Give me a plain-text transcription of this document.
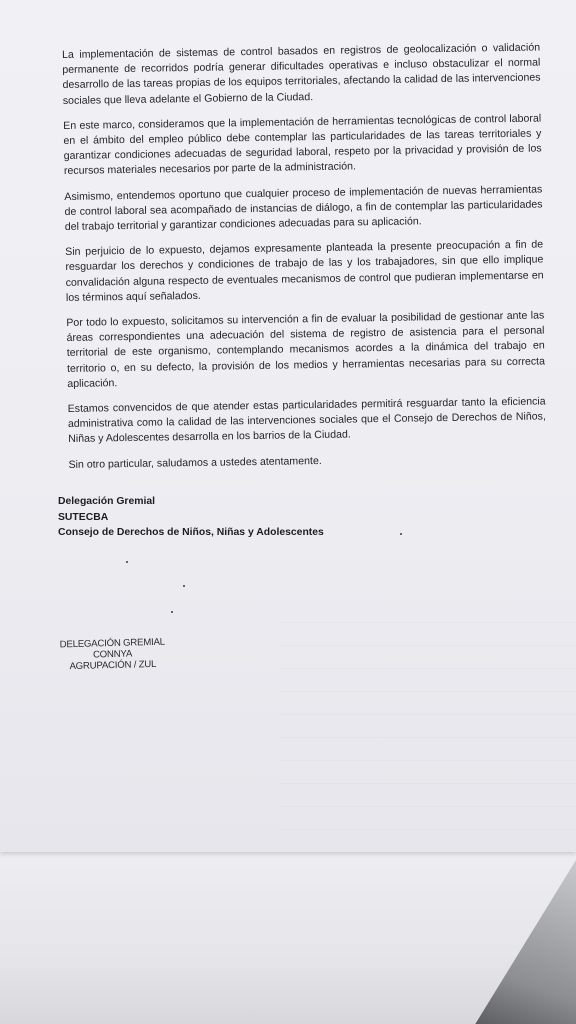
La implementación de sistemas de control basados en registros de geolocalización o validación permanente de recorridos podría generar dificultades operativas e incluso obstaculizar el normal desarrollo de las tareas propias de los equipos territoriales, afectando la calidad de las intervenciones sociales que lleva adelante el Gobierno de la Ciudad.

En este marco, consideramos que la implementación de herramientas tecnológicas de control laboral en el ámbito del empleo público debe contemplar las particularidades de las tareas territoriales y garantizar condiciones adecuadas de seguridad laboral, respeto por la privacidad y provisión de los recursos materiales necesarios por parte de la administración.

Asimismo, entendemos oportuno que cualquier proceso de implementación de nuevas herramientas de control laboral sea acompañado de instancias de diálogo, a fin de contemplar las particularidades del trabajo territorial y garantizar condiciones adecuadas para su aplicación.

Sin perjuicio de lo expuesto, dejamos expresamente planteada la presente preocupación a fin de resguardar los derechos y condiciones de trabajo de las y los trabajadores, sin que ello implique convalidación alguna respecto de eventuales mecanismos de control que pudieran implementarse en los términos aquí señalados.

Por todo lo expuesto, solicitamos su intervención a fin de evaluar la posibilidad de gestionar ante las áreas correspondientes una adecuación del sistema de registro de asistencia para el personal territorial de este organismo, contemplando mecanismos acordes a la dinámica del trabajo en territorio o, en su defecto, la provisión de los medios y herramientas necesarias para su correcta aplicación.

Estamos convencidos de que atender estas particularidades permitirá resguardar tanto la eficiencia administrativa como la calidad de las intervenciones sociales que el Consejo de Derechos de Niños, Niñas y Adolescentes desarrolla en los barrios de la Ciudad.

Sin otro particular, saludamos a ustedes atentamente.

Delegación Gremial
SUTECBA
Consejo de Derechos de Niños, Niñas y Adolescentes
DELEGACIÓN GREMIAL
CONNYA
AGRUPACIÓN / ZUL
